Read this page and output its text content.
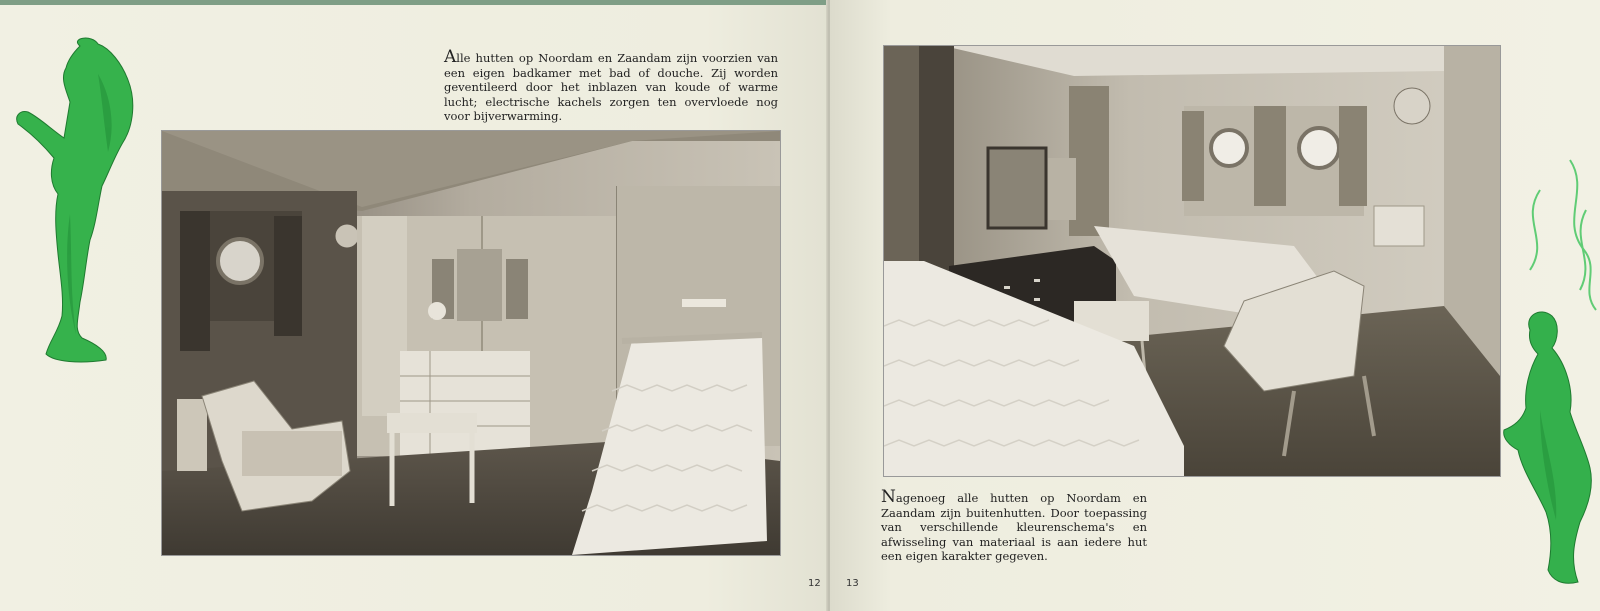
Alle hutten op Noordam en Zaandam zijn voorzien van een eigen badkamer met bad of douche. Zij worden geventileerd door het inblazen van koude of warme lucht; electrische kachels zorgen ten overvloede nog voor bijverwarming.

12

Nagenoeg alle hutten op Noordam en Zaandam zijn buitenhutten. Door toepassing van verschillende kleurenschema's en afwisseling van materiaal is aan iedere hut een eigen karakter gegeven.

13
